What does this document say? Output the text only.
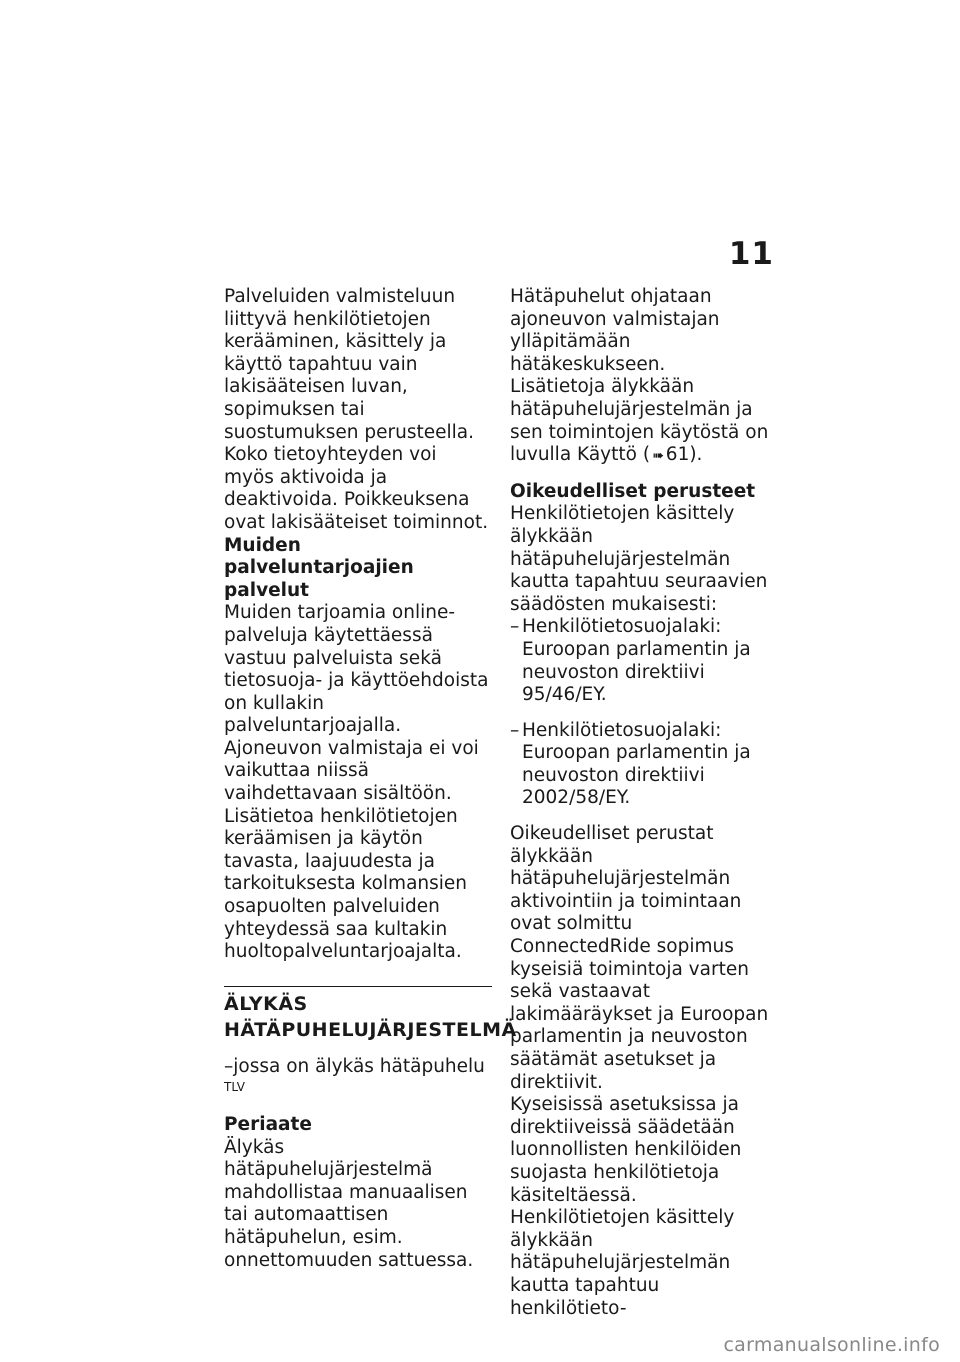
11

Palveluiden valmisteluun liittyvä henkilötietojen kerääminen, käsittely ja käyttö tapahtuu vain lakisääteisen luvan, sopimuksen tai suostumuksen perusteella.

Koko tietoyhteyden voi myös aktivoida ja deaktivoida. Poikkeuksena ovat lakisääteiset toiminnot.

Muiden palveluntarjoajien palvelut

Muiden tarjoamia online-palveluja käytettäessä vastuu palveluista sekä tietosuoja- ja käyttöehdoista on kullakin palveluntarjoajalla. Ajoneuvon valmistaja ei voi vaikuttaa niissä vaihdettavaan sisältöön. Lisätietoa henkilötietojen keräämisen ja käytön tavasta, laajuudesta ja tarkoituksesta kolmansien osapuolten palveluiden yhteydessä saa kultakin huoltopalveluntarjoajalta.

ÄLYKÄS HÄTÄPUHELUJÄRJESTELMÄ

–jossa on älykäs hätäpuhelu $^{TLV}$

Periaate

Älykäs hätäpuhelujärjestelmä mahdollistaa manuaalisen tai automaattisen hätäpuhelun, esim. onnettomuuden sattuessa.

Hätäpuhelut ohjataan ajoneuvon valmistajan ylläpitämään hätäkeskukseen.

Lisätietoja älykkään hätäpuhelujärjestelmän ja sen toimintojen käytöstä on luvulla Käyttö ( ➠ 61).

Oikeudelliset perusteet

Henkilötietojen käsittely älykkään hätäpuhelujärjestelmän kautta tapahtuu seuraavien säädösten mukaisesti:

– Henkilötietosuojalaki: Euroopan parlamentin ja neuvoston direktiivi 95/46/EY.
– Henkilötietosuojalaki: Euroopan parlamentin ja neuvoston direktiivi 2002/58/EY.

Oikeudelliset perustat älykkään hätäpuhelujärjestelmän aktivointiin ja toimintaan ovat solmittu ConnectedRide sopimus kyseisiä toimintoja varten sekä vastaavat lakimääräykset ja Euroopan parlamentin ja neuvoston säätämät asetukset ja direktiivit.

Kyseisissä asetuksissa ja direktiiveissä säädetään luonnollisten henkilöiden suojasta henkilötietoja käsiteltäessä.

Henkilötietojen käsittely älykkään hätäpuhelujärjestelmän kautta tapahtuu henkilötieto-

carmanualsonline.info
